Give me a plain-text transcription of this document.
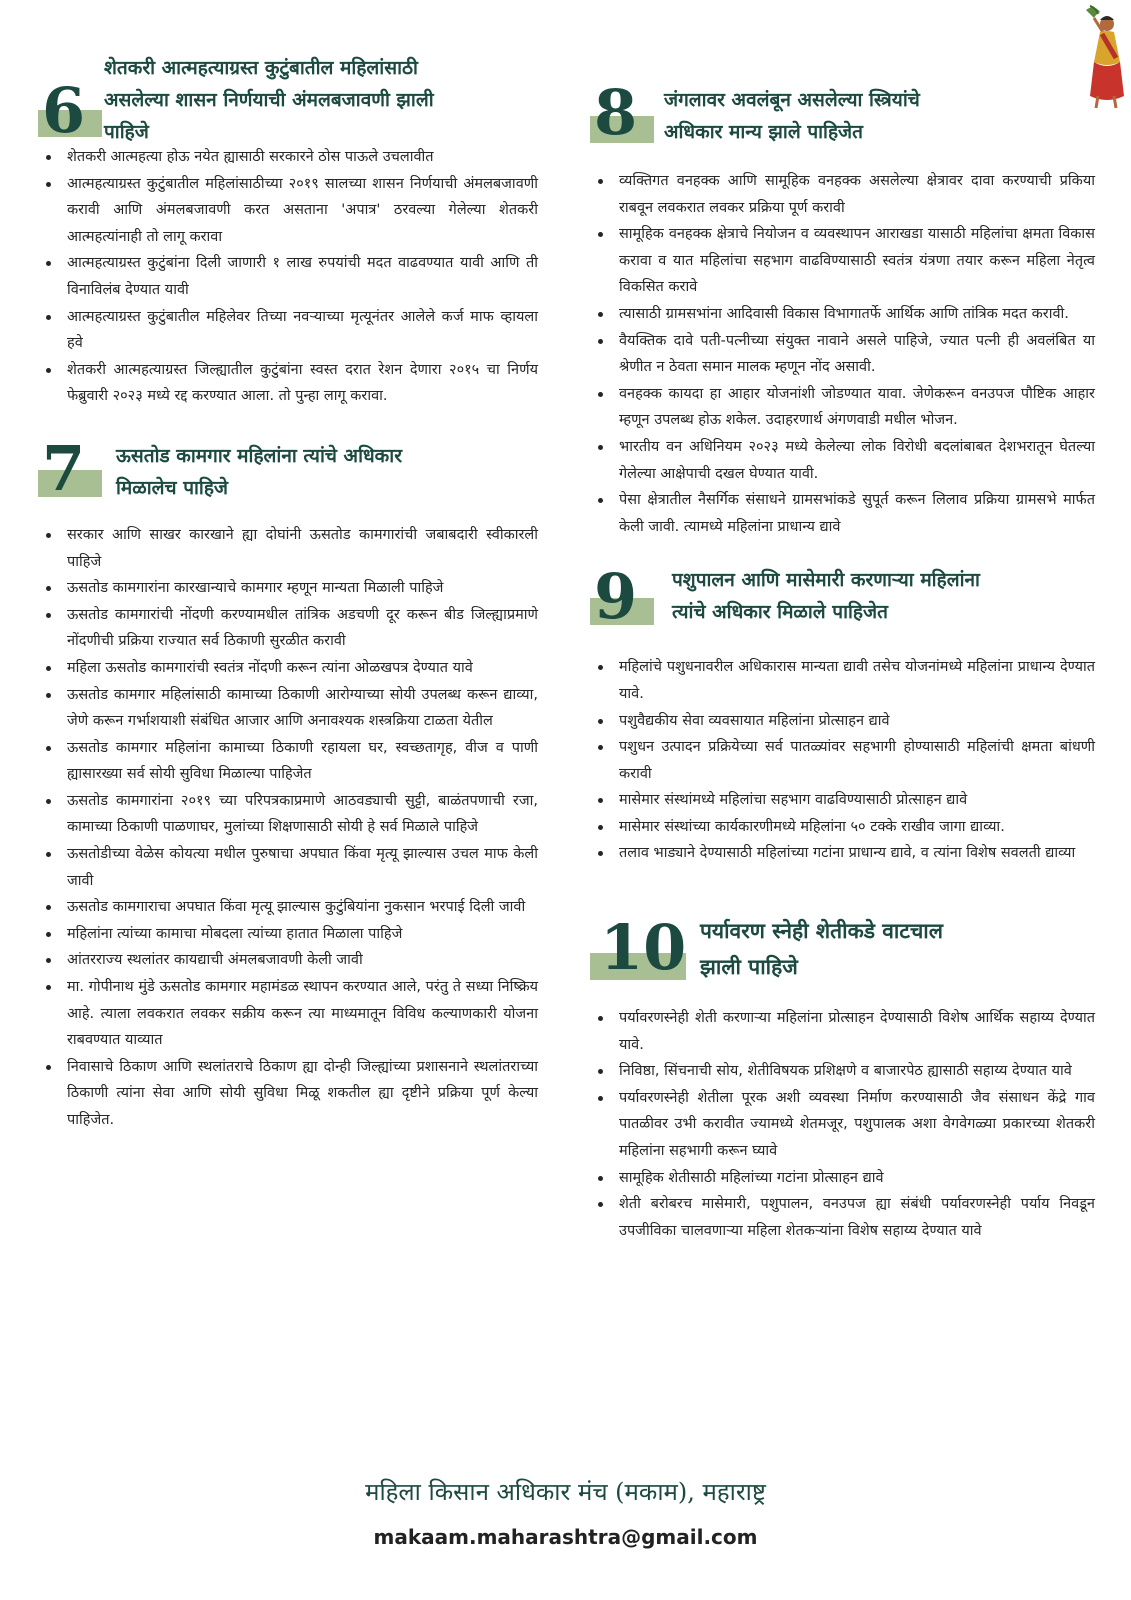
6
शेतकरी आत्महत्याग्रस्त कुटुंबातील महिलांसाठी
असलेल्या शासन निर्णयाची अंमलबजावणी झाली
पाहिजे
शेतकरी आत्महत्या होऊ नयेत ह्यासाठी सरकारने ठोस पाऊले उचलावीत
आत्महत्याग्रस्त कुटुंबातील महिलांसाठीच्या २०१९ सालच्या शासन निर्णयाची अंमलबजावणी करावी आणि अंमलबजावणी करत असताना 'अपात्र' ठरवल्या गेलेल्या शेतकरी आत्महत्यांनाही तो लागू करावा
आत्महत्याग्रस्त कुटुंबांना दिली जाणारी १ लाख रुपयांची मदत वाढवण्यात यावी आणि ती विनाविलंब देण्यात यावी
आत्महत्याग्रस्त कुटुंबातील महिलेवर तिच्या नवऱ्याच्या मृत्यूनंतर आलेले कर्ज माफ व्हायला हवे
शेतकरी आत्महत्याग्रस्त जिल्ह्यातील कुटुंबांना स्वस्त दरात रेशन देणारा २०१५ चा निर्णय फेब्रुवारी २०२३ मध्ये रद्द करण्यात आला. तो पुन्हा लागू करावा.
7 ऊसतोड कामगार महिलांना त्यांचे अधिकार
मिळालेच पाहिजे
सरकार आणि साखर कारखाने ह्या दोघांनी ऊसतोड कामगारांची जबाबदारी स्वीकारली पाहिजे
ऊसतोड कामगारांना कारखान्याचे कामगार म्हणून मान्यता मिळाली पाहिजे
ऊसतोड कामगारांची नोंदणी करण्यामधील तांत्रिक अडचणी दूर करून बीड जिल्ह्याप्रमाणे नोंदणीची प्रक्रिया राज्यात सर्व ठिकाणी सुरळीत करावी
महिला ऊसतोड कामगारांची स्वतंत्र नोंदणी करून त्यांना ओळखपत्र देण्यात यावे
ऊसतोड कामगार महिलांसाठी कामाच्या ठिकाणी आरोग्याच्या सोयी उपलब्ध करून द्याव्या, जेणे करून गर्भाशयाशी संबंधित आजार आणि अनावश्यक शस्त्रक्रिया टाळता येतील
ऊसतोड कामगार महिलांना कामाच्या ठिकाणी रहायला घर, स्वच्छतागृह, वीज व पाणी ह्यासारख्या सर्व सोयी सुविधा मिळाल्या पाहिजेत
ऊसतोड कामगारांना २०१९ च्या परिपत्रकाप्रमाणे आठवड्याची सुट्टी, बाळंतपणाची रजा, कामाच्या ठिकाणी पाळणाघर, मुलांच्या शिक्षणासाठी सोयी हे सर्व मिळाले पाहिजे
ऊसतोडीच्या वेळेस कोयत्या मधील पुरुषाचा अपघात किंवा मृत्यू झाल्यास उचल माफ केली जावी
ऊसतोड कामगाराचा अपघात किंवा मृत्यू झाल्यास कुटुंबियांना नुकसान भरपाई दिली जावी
महिलांना त्यांच्या कामाचा मोबदला त्यांच्या हातात मिळाला पाहिजे
आंतरराज्य स्थलांतर कायद्याची अंमलबजावणी केली जावी
मा. गोपीनाथ मुंडे ऊसतोड कामगार महामंडळ स्थापन करण्यात आले, परंतु ते सध्या निष्क्रिय आहे. त्याला लवकरात लवकर सक्रीय करून त्या माध्यमातून विविध कल्याणकारी योजना राबवण्यात याव्यात
निवासाचे ठिकाण आणि स्थलांतराचे ठिकाण ह्या दोन्ही जिल्ह्यांच्या प्रशासनाने स्थलांतराच्या ठिकाणी त्यांना सेवा आणि सोयी सुविधा मिळू शकतील ह्या दृष्टीने प्रक्रिया पूर्ण केल्या पाहिजेत.
8 जंगलावर अवलंबून असलेल्या स्त्रियांचे
अधिकार मान्य झाले पाहिजेत
व्यक्तिगत वनहक्क आणि सामूहिक वनहक्क असलेल्या क्षेत्रावर दावा करण्याची प्रकिया राबवून लवकरात लवकर प्रक्रिया पूर्ण करावी
सामूहिक वनहक्क क्षेत्राचे नियोजन व व्यवस्थापन आराखडा यासाठी महिलांचा क्षमता विकास करावा व यात महिलांचा सहभाग वाढविण्यासाठी स्वतंत्र यंत्रणा तयार करून महिला नेतृत्व विकसित करावे
त्यासाठी ग्रामसभांना आदिवासी विकास विभागातर्फे आर्थिक आणि तांत्रिक मदत करावी.
वैयक्तिक दावे पती-पत्नीच्या संयुक्त नावाने असले पाहिजे, ज्यात पत्नी ही अवलंबित या श्रेणीत न ठेवता समान मालक म्हणून नोंद असावी.
वनहक्क कायदा हा आहार योजनांशी जोडण्यात यावा. जेणेकरून वनउपज पौष्टिक आहार म्हणून उपलब्ध होऊ शकेल. उदाहरणार्थ अंगणवाडी मधील भोजन.
भारतीय वन अधिनियम २०२३ मध्ये केलेल्या लोक विरोधी बदलांबाबत देशभरातून घेतल्या गेलेल्या आक्षेपाची दखल घेण्यात यावी.
पेसा क्षेत्रातील नैसर्गिक संसाधने ग्रामसभांकडे सुपूर्त करून लिलाव प्रक्रिया ग्रामसभे मार्फत केली जावी. त्यामध्ये महिलांना प्राधान्य द्यावे
9 पशुपालन आणि मासेमारी करणाऱ्या महिलांना
त्यांचे अधिकार मिळाले पाहिजेत
महिलांचे पशुधनावरील अधिकारास मान्यता द्यावी तसेच योजनांमध्ये महिलांना प्राधान्य देण्यात यावे.
पशुवैद्यकीय सेवा व्यवसायात महिलांना प्रोत्साहन द्यावे
पशुधन उत्पादन प्रक्रियेच्या सर्व पातळ्यांवर सहभागी होण्यासाठी महिलांची क्षमता बांधणी करावी
मासेमार संस्थांमध्ये महिलांचा सहभाग वाढविण्यासाठी प्रोत्साहन द्यावे
मासेमार संस्थांच्या कार्यकारणीमध्ये महिलांना ५० टक्के राखीव जागा द्याव्या.
तलाव भाड्याने देण्यासाठी महिलांच्या गटांना प्राधान्य द्यावे, व त्यांना विशेष सवलती द्याव्या
10 पर्यावरण स्नेही शेतीकडे वाटचाल
झाली पाहिजे
पर्यावरणस्नेही शेती करणाऱ्या महिलांना प्रोत्साहन देण्यासाठी विशेष आर्थिक सहाय्य देण्यात यावे.
निविष्ठा, सिंचनाची सोय, शेतीविषयक प्रशिक्षणे व बाजारपेठ ह्यासाठी सहाय्य देण्यात यावे
पर्यावरणस्नेही शेतीला पूरक अशी व्यवस्था निर्माण करण्यासाठी जैव संसाधन केंद्रे गाव पातळीवर उभी करावीत ज्यामध्ये शेतमजूर, पशुपालक अशा वेगवेगळ्या प्रकारच्या शेतकरी महिलांना सहभागी करून घ्यावे
सामूहिक शेतीसाठी महिलांच्या गटांना प्रोत्साहन द्यावे
शेती बरोबरच मासेमारी, पशुपालन, वनउपज ह्या संबंधी पर्यावरणस्नेही पर्याय निवडून उपजीविका चालवणाऱ्या महिला शेतकऱ्यांना विशेष सहाय्य देण्यात यावे
महिला किसान अधिकार मंच (मकाम), महाराष्ट्र
makaam.maharashtra@gmail.com
